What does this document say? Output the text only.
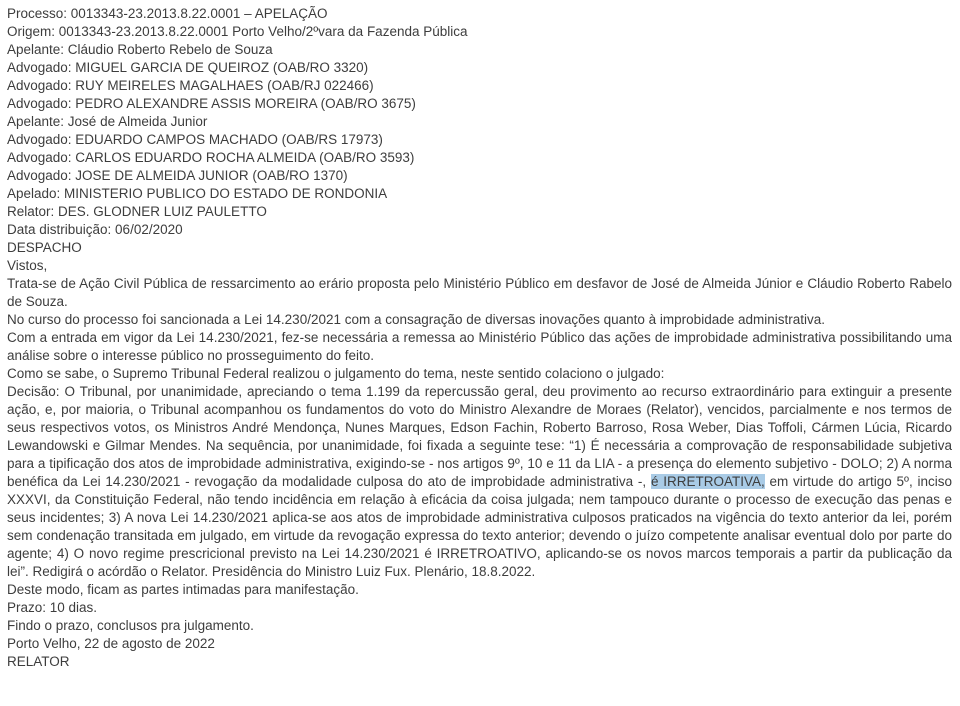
Processo: 0013343-23.2013.8.22.0001 – APELAÇÃO
Origem: 0013343-23.2013.8.22.0001 Porto Velho/2ºvara da Fazenda Pública
Apelante: Cláudio Roberto Rebelo de Souza
Advogado: MIGUEL GARCIA DE QUEIROZ (OAB/RO 3320)
Advogado: RUY MEIRELES MAGALHAES (OAB/RJ 022466)
Advogado: PEDRO ALEXANDRE ASSIS MOREIRA (OAB/RO 3675)
Apelante: José de Almeida Junior
Advogado: EDUARDO CAMPOS MACHADO (OAB/RS 17973)
Advogado: CARLOS EDUARDO ROCHA ALMEIDA (OAB/RO 3593)
Advogado: JOSE DE ALMEIDA JUNIOR (OAB/RO 1370)
Apelado: MINISTERIO PUBLICO DO ESTADO DE RONDONIA
Relator: DES. GLODNER LUIZ PAULETTO
Data distribuição: 06/02/2020
DESPACHO
Vistos,

Trata-se de Ação Civil Pública de ressarcimento ao erário proposta pelo Ministério Público em desfavor de José de Almeida Júnior e Cláudio Roberto Rabelo de Souza.

No curso do processo foi sancionada a Lei 14.230/2021 com a consagração de diversas inovações quanto à improbidade administrativa.

Com a entrada em vigor da Lei 14.230/2021, fez-se necessária a remessa ao Ministério Público das ações de improbidade administrativa possibilitando uma análise sobre o interesse público no prosseguimento do feito.

Como se sabe, o Supremo Tribunal Federal realizou o julgamento do tema, neste sentido colaciono o julgado:

Decisão: O Tribunal, por unanimidade, apreciando o tema 1.199 da repercussão geral, deu provimento ao recurso extraordinário para extinguir a presente ação, e, por maioria, o Tribunal acompanhou os fundamentos do voto do Ministro Alexandre de Moraes (Relator), vencidos, parcialmente e nos termos de seus respectivos votos, os Ministros André Mendonça, Nunes Marques, Edson Fachin, Roberto Barroso, Rosa Weber, Dias Toffoli, Cármen Lúcia, Ricardo Lewandowski e Gilmar Mendes. Na sequência, por unanimidade, foi fixada a seguinte tese: “1) É necessária a comprovação de responsabilidade subjetiva para a tipificação dos atos de improbidade administrativa, exigindo-se - nos artigos 9º, 10 e 11 da LIA - a presença do elemento subjetivo - DOLO; 2) A norma benéfica da Lei 14.230/2021 - revogação da modalidade culposa do ato de improbidade administrativa -, é IRRETROATIVA, em virtude do artigo 5º, inciso XXXVI, da Constituição Federal, não tendo incidência em relação à eficácia da coisa julgada; nem tampouco durante o processo de execução das penas e seus incidentes; 3) A nova Lei 14.230/2021 aplica-se aos atos de improbidade administrativa culposos praticados na vigência do texto anterior da lei, porém sem condenação transitada em julgado, em virtude da revogação expressa do texto anterior; devendo o juízo competente analisar eventual dolo por parte do agente; 4) O novo regime prescricional previsto na Lei 14.230/2021 é IRRETROATIVO, aplicando-se os novos marcos temporais a partir da publicação da lei”. Redigirá o acórdão o Relator. Presidência do Ministro Luiz Fux. Plenário, 18.8.2022.

Deste modo, ficam as partes intimadas para manifestação.
Prazo: 10 dias.
Findo o prazo, conclusos pra julgamento.
Porto Velho, 22 de agosto de 2022
RELATOR
